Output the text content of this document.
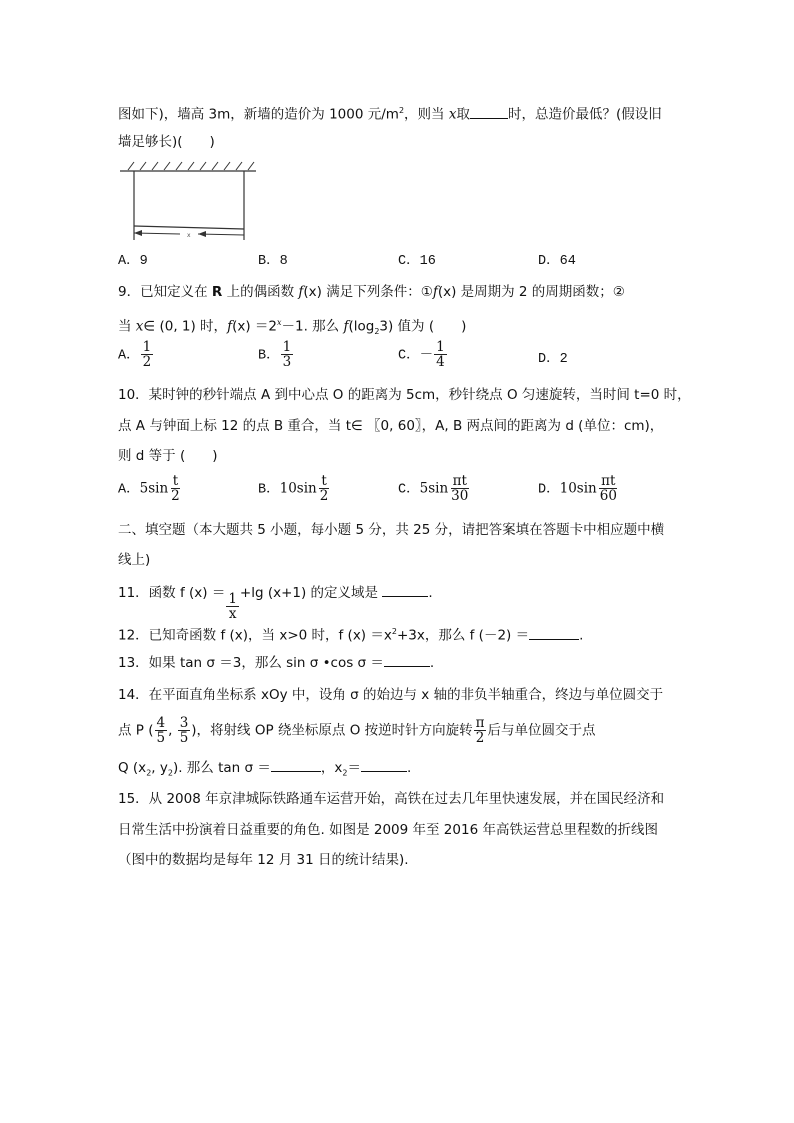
图如下)，墙高 3m，新墙的造价为 1000 元$/m^2$，则当 x取	时，总造价最低？(假设旧
墙足够长)(　　)
x
A．9	B．8	C．16	D．64
9．已知定义在 R 上的偶函数 f(x) 满足下列条件：①f(x) 是周期为 2 的周期函数；②
当 x∈ (0, 1) 时，$f(x) =2^x-1$. 那么 $f(\log_23)$ 值为 (　　)
A． $\frac{1}{2}$	B． $\frac{1}{3}$	C．－ $\frac{1}{4}$	D．2
10．某时钟的秒针端点 A 到中心点 O 的距离为 5cm，秒针绕点 O 匀速旋转，当时间 t=0 时，
点 A 与钟面上标 12 的点 B 重合，当 t∈ 〖0, 60〗，A, B 两点间的距离为 d (单位：cm)，
则 d 等于 (　　)
A．$5\sin \frac{t}{2}$	B．$10\sin \frac{t}{2}$	C．$5\sin \frac{\pi t}{30}$	D．$10\sin \frac{\pi t}{60}$
二、填空题（本大题共 5 小题，每小题 5 分，共 25 分，请把答案填在答题卡中相应题中横
线上)
11．函数 f $(x) = \frac{1}{x} +\lg$ (x+1) 的定义域是	.
12．已知奇函数 f (x)，当 x>0 时，f $(x) =x^2+3x$，那么 f (－2) ＝	.
13．如果 tan σ ＝3，那么 sin σ •cos σ ＝	.
14．在平面直角坐标系 xOy 中，设角 σ 的始边与 x 轴的非负半轴重合，终边与单位圆交于
点 P ( $\frac{4}{5}$ , $\frac{3}{5}$ )，将射线 OP 绕坐标原点 O 按逆时针方向旋转 $\frac{\pi}{2}$ 后与单位圆交于点
Q ($x_2$, $y_2$). 那么 tan σ ＝	，$x_2=$	.
15．从 2008 年京津城际铁路通车运营开始，高铁在过去几年里快速发展，并在国民经济和
日常生活中扮演着日益重要的角色. 如图是 2009 年至 2016 年高铁运营总里程数的折线图
（图中的数据均是每年 12 月 31 日的统计结果).
